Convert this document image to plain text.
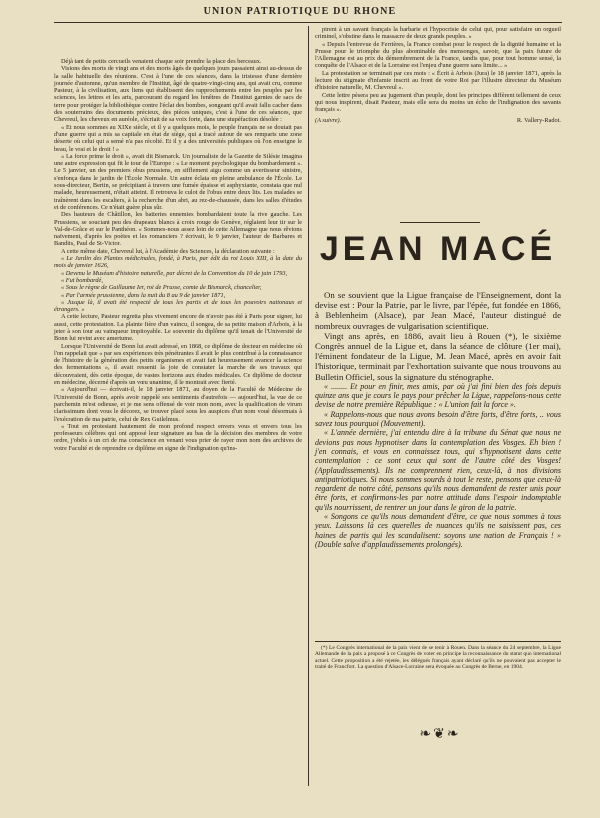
UNION PATRIOTIQUE DU RHONE

Déjà tant de petits cercueils venaient chaque soir prendre la place des berceaux.

Visions des morts de vingt ans et des morts âgés de quelques jours passaient ainsi au-dessus de la salle habituelle des réunions. C'est à l'une de ces séances, dans la tristesse d'une dernière journée d'automne, qu'un membre de l'Institut, âgé de quatre-vingt-cinq ans, qui avait cru, comme Pasteur, à la civilisation, aux liens qui établissent des rapprochements entre les peuples par les sciences, les lettres et les arts, parcourant du regard les fenêtres de l'Institut garnies de sacs de terre pour protéger la bibliothèque contre l'éclat des bombes, songeant qu'il avait fallu cacher dans des souterrains des documents précieux, des pièces uniques, c'est à l'une de ces séances, que Chevreul, les cheveux en auréole, s'écriait de sa voix forte, dans une stupéfaction désolée :

« Et nous sommes au XIXe siècle, et il y a quelques mois, le peuple français ne se doutait pas d'une guerre qui a mis sa capitale en état de siège, qui a tracé autour de ses remparts une zone déserte où celui qui a semé n'a pas récolté. Et il y a des universités publiques où l'on enseigne le beau, le vrai et le droit ! »

« La force prime le droit », avait dit Bismarck. Un journaliste de la Gazette de Silésie imagina une autre expression qui fit le tour de l'Europe : « Le moment psychologique du bombardement ». Le 5 janvier, un des premiers obus prussiens, en sifflement aigu comme un avertisseur sinistre, s'enfonça dans le jardin de l'École Normale. Un autre éclata en pleine ambulance de l'École. Le sous-directeur, Bertin, se précipitant à travers une fumée épaisse et asphyxiante, constata que nul malade, heureusement, n'était atteint. Il retrouva le culot de l'obus entre deux lits. Les malades se traînèrent dans les escaliers, à la recherche d'un abri, au rez-de-chaussée, dans les salles d'études et de conférences. Ce n'était guère plus sûr.

Des hauteurs de Châtillon, les batteries ennemies bombardaient toute la rive gauche. Les Prussiens, se souciant peu des drapeaux blancs à croix rouge de Genève, réglaient leur tir sur le Val-de-Grâce et sur le Panthéon. « Sommes-nous assez loin de cette Allemagne que nous rêvions naïvement, d'après les poètes et les romanciers ? écrivait, le 9 janvier, l'auteur de Barbares et Bandits, Paul de St-Victor.

A cette même date, Chevreul lut, à l'Académie des Sciences, la déclaration suivante :

« Le Jardin des Plantes médicinales, fondé, à Paris, par édit du roi Louis XIII, à la date du mois de janvier 1626,

« Devenu le Muséum d'histoire naturelle, par décret de la Convention du 10 de juin 1793,

« Fut bombardé,

« Sous le règne de Guillaume Ier, roi de Prusse, comte de Bismarck, chancelier,

« Par l'armée prussienne, dans la nuit du 8 au 9 de janvier 1871,

« Jusque là, il avait été respecté de tous les partis et de tous les pouvoirs nationaux et étrangers. »

A cette lecture, Pasteur regretta plus vivement encore de n'avoir pas été à Paris pour signer, lui aussi, cette protestation. La plainte fière d'un vaincu, il songea, de sa petite maison d'Arbois, à la jeter à son tour au vainqueur impitoyable. Le souvenir du diplôme qu'il tenait de l'Université de Bonn lui revint avec amertume.

Lorsque l'Université de Bonn lui avait adressé, en 1868, ce diplôme de docteur en médecine où l'on rappelait que « par ses expériences très pénétrantes il avait le plus contribué à la connaissance de l'histoire de la génération des petits organismes et avait fait heureusement avancer la science des fermentations », il avait ressenti la joie de constater la marche de ses travaux qui découvraient, dès cette époque, de vastes horizons aux études médicales. Ce diplôme de docteur en médecine, décerné d'après un vœu unanime, il le montrait avec fierté.

« Aujourd'hui — écrivait-il, le 18 janvier 1871, au doyen de la Faculté de Médecine de l'Université de Bonn, après avoir rappelé ses sentiments d'autrefois — aujourd'hui, la vue de ce parchemin m'est odieuse, et je me sens offensé de voir mon nom, avec la qualification de virum clarissimum dont vous le décorez, se trouver placé sous les auspices d'un nom voué désormais à l'exécration de ma patrie, celui de Rex Guilelmus.

« Tout en protestant hautement de mon profond respect envers vous et envers tous les professeurs célèbres qui ont apposé leur signature au bas de la décision des membres de votre ordre, j'obéis à un cri de ma conscience en venant vous prier de rayer mon nom des archives de votre Faculté et de reprendre ce diplôme en signe de l'indignation qu'ins-

pirent à un savant français la barbarie et l'hypocrisie de celui qui, pour satisfaire un orgueil criminel, s'obstine dans le massacre de deux grands peuples. »

« Depuis l'entrevue de Ferrières, la France combat pour le respect de la dignité humaine et la Prusse pour le triomphe du plus abominable des mensonges, savoir, que la paix future de l'Allemagne est au prix du démembrement de la France, tandis que, pour tout homme sensé, la conquête de l'Alsace et de la Lorraine est l'enjeu d'une guerre sans limite... »

La protestation se terminait par ces mots : « Écrit à Arbois (Jura) le 18 janvier 1871, après la lecture du stigmate d'infamie inscrit au front de votre Roi par l'illustre directeur du Muséum d'histoire naturelle, M. Chevreul ».

Cette lettre pèsera peu au jugement d'un peuple, dont les principes diffèrent tellement de ceux qui nous inspirent, disait Pasteur, mais elle sera du moins un écho de l'indignation des savants français ».

(A suivre).	R. Vallery-Radot.

JEAN MACÉ

On se souvient que la Ligue française de l'Enseignement, dont la devise est : Pour la Patrie, par le livre, par l'épée, fut fondée en 1866, à Beblenheim (Alsace), par Jean Macé, l'auteur distingué de nombreux ouvrages de vulgarisation scientifique.

Vingt ans après, en 1886, avait lieu à Rouen (*), le sixième Congrès annuel de la Ligue et, dans la séance de clôture (1er mai), l'éminent fondateur de la Ligue, M. Jean Macé, après en avoir fait l'historique, terminait par l'exhortation suivante que nous trouvons au Bulletin Officiel, sous la signature du sténographe.

« ........ Et pour en finir, mes amis, par où j'ai fini bien des fois depuis quinze ans que je cours le pays pour prêcher la Ligue, rappelons-nous cette devise de notre première République : « L'union fait la force ».

« Rappelons-nous que nous avons besoin d'être forts, d'être forts, .. vous savez tous pourquoi (Mouvement).

« L'année dernière, j'ai entendu dire à la tribune du Sénat que nous ne devions pas nous hypnotiser dans la contemplation des Vosges. Eh bien ! j'en connais, et vous en connaissez tous, qui s'hypnotisent dans cette contemplation : ce sont ceux qui sont de l'autre côté des Vosges! (Applaudissements). Ils ne comprennent rien, ceux-là, à nos divisions antipatriotiques. Si nous sommes sourds à tout le reste, pensons que ceux-là regardent de notre côté, pensons qu'ils nous demandent de rester unis pour être forts, et confirmons-les par notre attitude dans l'espoir indomptable qu'ils nourrissent, de rentrer un jour dans le giron de la patrie.

« Songons ce qu'ils nous demandent d'être, ce que nous sommes à tous yeux. Laissons là ces querelles de nuances qu'ils ne saisissent pas, ces haines de partis qui les scandalisent: soyons une nation de Français ! » (Double salve d'applaudissements prolongés).

(*) Le Congrès international de la paix vient de se tenir à Rouen. Dans la séance du 24 septembre, la Ligue Allemande de la paix a proposé à ce Congrès de voter en principe la reconnaissance du statut quo international actuel. Cette proposition a été rejetée, les délégués français ayant déclaré qu'ils ne pouvaient pas accepter le traité de Francfort. La question d'Alsace-Lorraine sera évoquée au Congrès de Berne, en 1904.

❧❦❧
